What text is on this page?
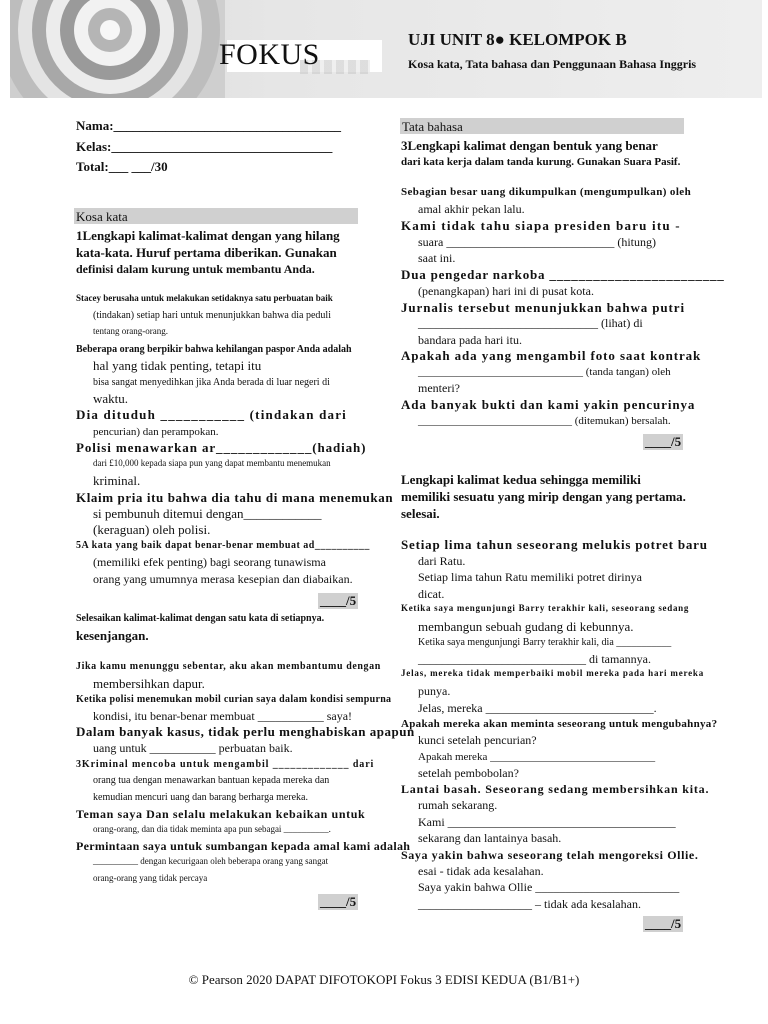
FOKUS	UJI UNIT 8● KELOMPOK B
Kosa kata, Tata bahasa dan Penggunaan Bahasa Inggris
Nama:___________________________________
Kelas:__________________________________
Total:___ ___/30
Kosa kata
1Lengkapi kalimat-kalimat dengan yang hilang
kata-kata. Huruf pertama diberikan. Gunakan
definisi dalam kurung untuk membantu Anda.
Stacey berusaha untuk melakukan setidaknya satu perbuatan baik
(tindakan) setiap hari untuk menunjukkan bahwa dia peduli
tentang orang-orang.
Beberapa orang berpikir bahwa kehilangan paspor Anda adalah
hal yang tidak penting, tetapi itu
bisa sangat menyedihkan jika Anda berada di luar negeri di
waktu.
Dia dituduh ___________ (tindakan dari
pencurian) dan perampokan.
Polisi menawarkan ar_____________(hadiah)
dari £10,000 kepada siapa pun yang dapat membantu menemukan
kriminal.
Klaim pria itu bahwa dia tahu di mana menemukan
si pembunuh ditemui dengan____________
(keraguan) oleh polisi.
5A kata yang baik dapat benar-benar membuat ad__________
(memiliki efek penting) bagi seorang tunawisma
orang yang umumnya merasa kesepian dan diabaikan.
____/5
Selesaikan kalimat-kalimat dengan satu kata di setiapnya.
kesenjangan.
Jika kamu menunggu sebentar, aku akan membantumu dengan
membersihkan dapur.
Ketika polisi menemukan mobil curian saya dalam kondisi sempurna
kondisi, itu benar-benar membuat ___________ saya!
Dalam banyak kasus, tidak perlu menghabiskan apapun
uang untuk ___________ perbuatan baik.
3Kriminal mencoba untuk mengambil _____________ dari
orang tua dengan menawarkan bantuan kepada mereka dan
kemudian mencuri uang dan barang berharga mereka.
Teman saya Dan selalu melakukan kebaikan untuk
orang-orang, dan dia tidak meminta apa pun sebagai __________.
Permintaan saya untuk sumbangan kepada amal kami adalah
__________ dengan kecurigaan oleh beberapa orang yang sangat
orang-orang yang tidak percaya
____/5
Tata bahasa
3Lengkapi kalimat dengan bentuk yang benar
dari kata kerja dalam tanda kurung. Gunakan Suara Pasif.
Sebagian besar uang dikumpulkan (mengumpulkan) oleh
amal akhir pekan lalu.
Kami tidak tahu siapa presiden baru itu -
suara ____________________________ (hitung)
saat ini.
Dua pengedar narkoba ________________________
(penangkapan) hari ini di pusat kota.
Jurnalis tersebut menunjukkan bahwa putri
______________________________ (lihat) di
bandara pada hari itu.
Apakah ada yang mengambil foto saat kontrak
______________________________ (tanda tangan) oleh
menteri?
Ada banyak bukti dan kami yakin pencurinya
____________________________ (ditemukan) bersalah.
____/5
Lengkapi kalimat kedua sehingga memiliki
memiliki sesuatu yang mirip dengan yang pertama.
selesai.
Setiap lima tahun seseorang melukis potret baru
dari Ratu.
Setiap lima tahun Ratu memiliki potret dirinya
dicat.
Ketika saya mengunjungi Barry terakhir kali, seseorang sedang
membangun sebuah gudang di kebunnya.
Ketika saya mengunjungi Barry terakhir kali, dia ___________
____________________________ di tamannya.
Jelas, mereka tidak memperbaiki mobil mereka pada hari mereka
punya.
Jelas, mereka ____________________________.
Apakah mereka akan meminta seseorang untuk mengubahnya?
kunci setelah pencurian?
Apakah mereka ______________________________
setelah pembobolan?
Lantai basah. Seseorang sedang membersihkan kita.
rumah sekarang.
Kami ______________________________________
sekarang dan lantainya basah.
Saya yakin bahwa seseorang telah mengoreksi Ollie.
esai - tidak ada kesalahan.
Saya yakin bahwa Ollie ________________________
___________________ – tidak ada kesalahan.
____/5
© Pearson 2020 DAPAT DIFOTOKOPI Fokus 3 EDISI KEDUA (B1/B1+)
